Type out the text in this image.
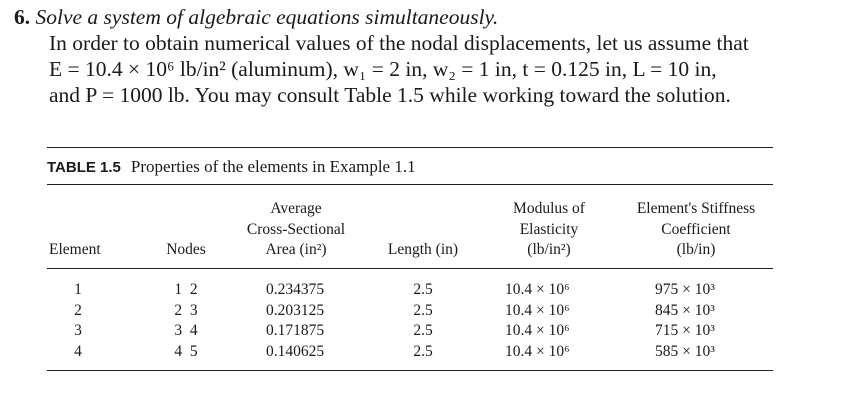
6. Solve a system of algebraic equations simultaneously.
In order to obtain numerical values of the nodal displacements, let us assume that
E = 10.4 × 10⁶ lb/in² (aluminum), w₁ = 2 in, w₂ = 1 in, t = 0.125 in, L = 10 in,
and P = 1000 lb. You may consult Table 1.5 while working toward the solution.
TABLE 1.5 Properties of the elements in Example 1.1
Element	Nodes
Average
Cross-Sectional
Area (in²)	Length (in)
Modulus of
Elasticity
(lb/in²)
Element's Stiffness
Coefficient
(lb/in)
1
2
3
4
1  2
2  3
3  4
4  5
0.234375
0.203125
0.171875
0.140625
2.5
2.5
2.5
2.5
10.4 × 10⁶
10.4 × 10⁶
10.4 × 10⁶
10.4 × 10⁶
975 × 10³
845 × 10³
715 × 10³
585 × 10³
